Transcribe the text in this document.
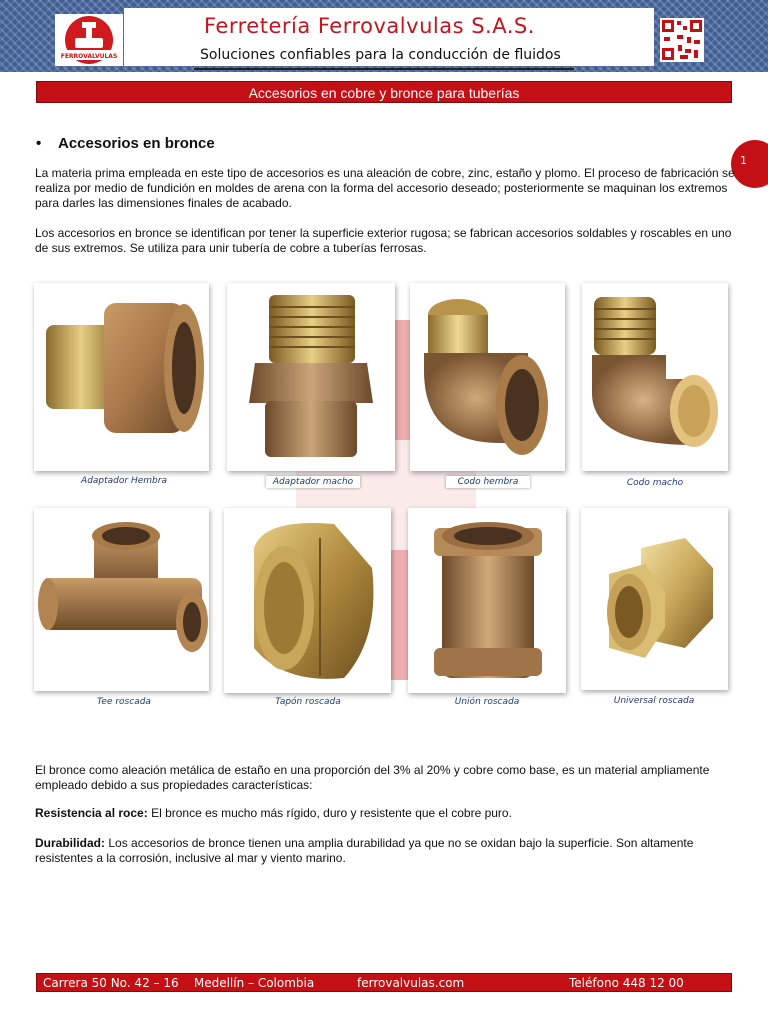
FERROVALVULAS
Ferretería Ferrovalvulas S.A.S.
Soluciones confiables para la conducción de fluidos
Accesorios en cobre y bronce para tuberías
1
• Accesorios en bronce

La materia prima empleada en este tipo de accesorios es una aleación de cobre, zinc, estaño y plomo. El proceso de fabricación se realiza por medio de fundición en moldes de arena con la forma del accesorio deseado; posteriormente se maquinan los extremos para darles las dimensiones finales de acabado.

Los accesorios en bronce se identifican por tener la superficie exterior rugosa; se fabrican accesorios soldables y roscables en uno de sus extremos. Se utiliza para unir tubería de cobre a tuberías ferrosas.

Adaptador Hembra	Adaptador macho	Codo hembra	Codo macho
Tee roscada	Tapón roscada	Unión roscada	Universal roscada

El bronce como aleación metálica de estaño en una proporción del 3% al 20% y cobre como base, es un material ampliamente empleado debido a sus propiedades características:

Resistencia al roce: El bronce es mucho más rígido, duro y resistente que el cobre puro.

Durabilidad: Los accesorios de bronce tienen una amplia durabilidad ya que no se oxidan bajo la superficie. Son altamente resistentes a la corrosión, inclusive al mar y viento marino.

Carrera 50 No. 42 – 16    Medellín – Colombia	ferrovalvulas.com	Teléfono 448 12 00
